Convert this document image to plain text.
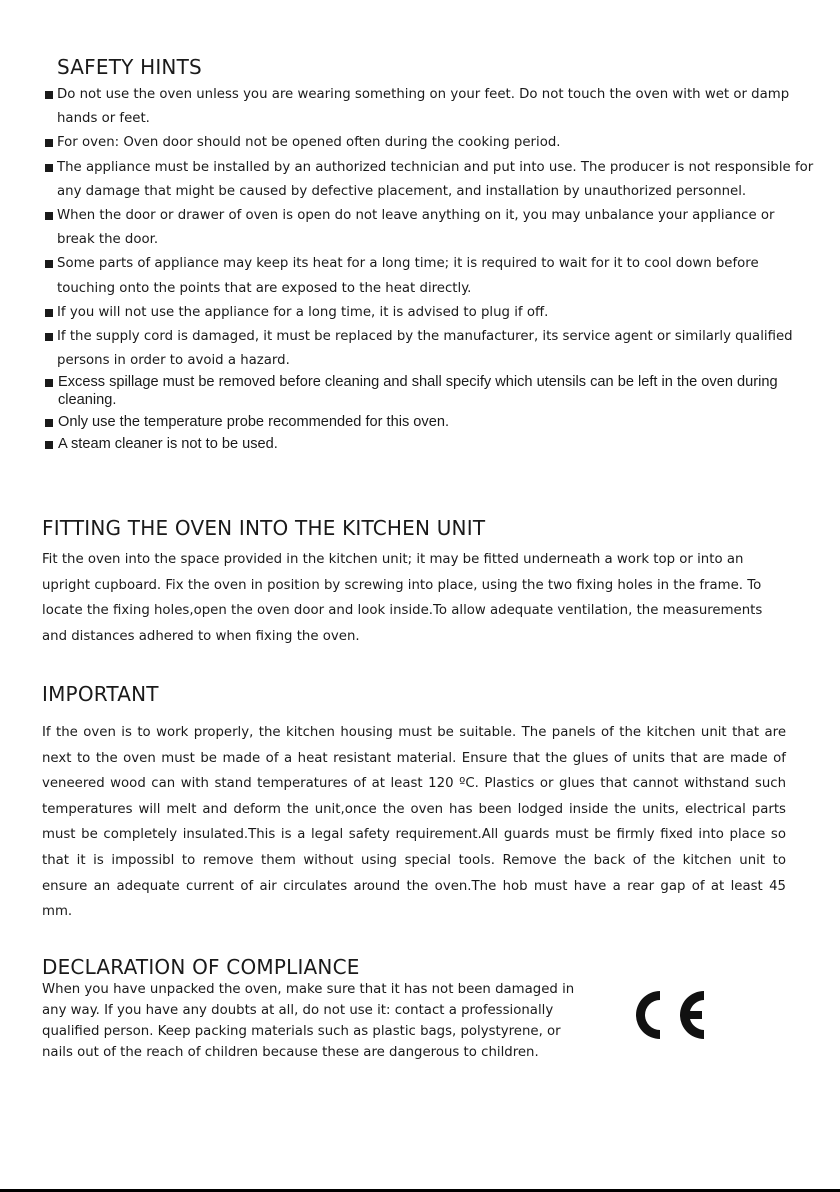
SAFETY HINTS
Do not use the oven unless you are wearing something on your feet. Do not touch the oven with wet or damp hands or feet.
For oven: Oven door should not be opened often during the cooking period.
The appliance must be installed by an authorized technician and put into use. The producer is not responsible for any damage that might be caused by defective placement, and installation by unauthorized personnel.
When the door or drawer of oven is open do not leave anything on it, you may unbalance your appliance or break the door.
Some parts of appliance may keep its heat for a long time; it is required to wait for it to cool down before touching onto the points that are exposed to the heat directly.
If you will not use the appliance for a long time, it is advised to plug if off.
If the supply cord is damaged, it must be replaced by the manufacturer, its service agent or similarly qualified persons in order to avoid a hazard.
Excess spillage must be removed before cleaning and shall specify which utensils can be left in the oven during cleaning.
Only use the temperature probe recommended for this oven.
A steam cleaner is not to be used.
FITTING THE OVEN INTO THE KITCHEN UNIT

Fit the oven into the space provided in the kitchen unit; it may be fitted underneath a work top or into an upright cupboard. Fix the oven in position by screwing into place, using the two fixing holes in the frame. To locate the fixing holes,open the oven door and look inside.To allow adequate ventilation, the measurements and distances adhered to when fixing the oven.

IMPORTANT

If the oven is to work properly, the kitchen housing must be suitable. The panels of the kitchen unit that are next to the oven must be made of a heat resistant material. Ensure that the glues of units that are made of veneered wood can with stand temperatures of at least 120 ºC. Plastics or glues that cannot withstand such temperatures will melt and deform the unit,once the oven has been lodged inside the units, electrical parts must be completely insulated.This is a legal safety requirement.All guards must be firmly fixed into place so that it is impossibl to remove them without using special tools. Remove the back of the kitchen unit to ensure an adequate current of air circulates around the oven.The hob must have a rear gap of at least 45 mm.

DECLARATION OF COMPLIANCE

When you have unpacked the oven, make sure that it has not been damaged in any way. If you have any doubts at all, do not use it: contact a professionally qualified person. Keep packing materials such as plastic bags, polystyrene, or nails out of the reach of children because these are dangerous to children.
